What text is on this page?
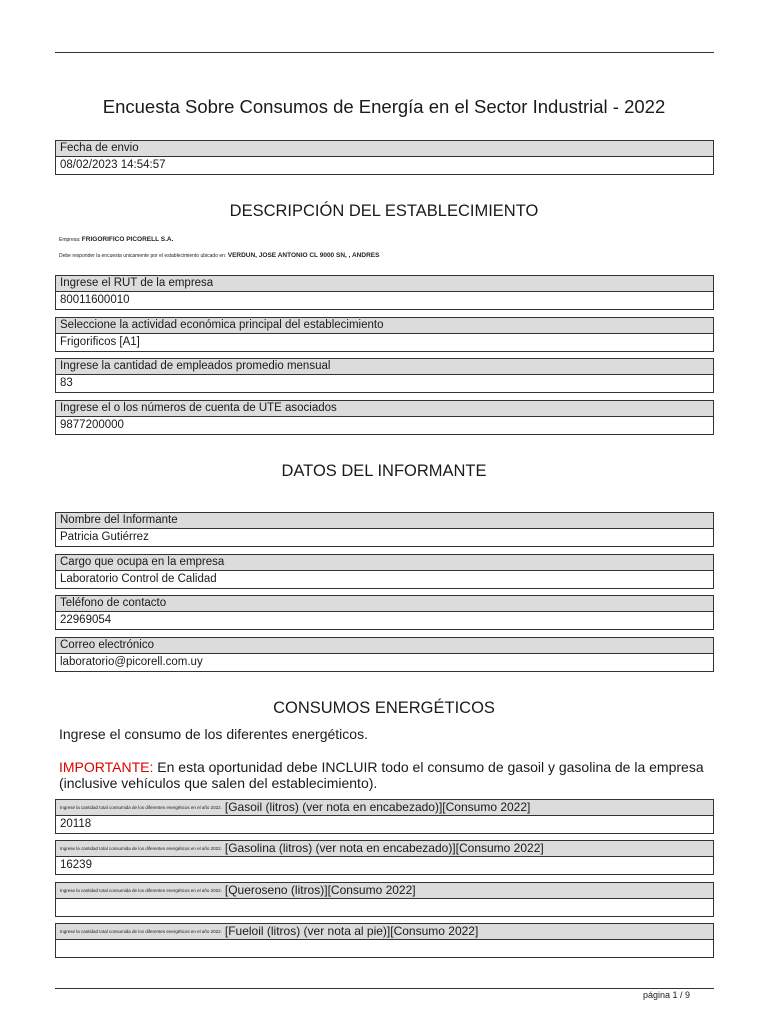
Encuesta Sobre Consumos de Energía en el Sector Industrial - 2022
Fecha de envio
08/02/2023 14:54:57
DESCRIPCIÓN DEL ESTABLECIMIENTO
Empresa: FRIGORIFICO PICORELL S.A.
Debe responder la encuesta unicamente por el establecimiento ubicado en: VERDUN, JOSE ANTONIO CL 9000 SN, , ANDRES
Ingrese el RUT de la empresa
80011600010
Seleccione la actividad económica principal del establecimiento
Frigorificos [A1]
Ingrese la cantidad de empleados promedio mensual
83
Ingrese el o los números de cuenta de UTE asociados
9877200000
DATOS DEL INFORMANTE
Nombre del Informante
Patricia Gutiérrez
Cargo que ocupa en la empresa
Laboratorio Control de Calidad
Teléfono de contacto
22969054
Correo electrónico
laboratorio@picorell.com.uy
CONSUMOS ENERGÉTICOS
Ingrese el consumo de los diferentes energéticos.
IMPORTANTE: En esta oportunidad debe INCLUIR todo el consumo de gasoil y gasolina de la empresa (inclusive vehículos que salen del establecimiento).
Ingrese la cantidad total consumida de los diferentes energéticos en el año 2022. [Gasoil (litros) (ver nota en encabezado)][Consumo 2022]
20118
Ingrese la cantidad total consumida de los diferentes energéticos en el año 2022. [Gasolina (litros) (ver nota en encabezado)][Consumo 2022]
16239
Ingrese la cantidad total consumida de los diferentes energéticos en el año 2022. [Queroseno (litros)][Consumo 2022]
Ingrese la cantidad total consumida de los diferentes energéticos en el año 2022. [Fueloil (litros) (ver nota al pie)][Consumo 2022]
página 1 / 9
